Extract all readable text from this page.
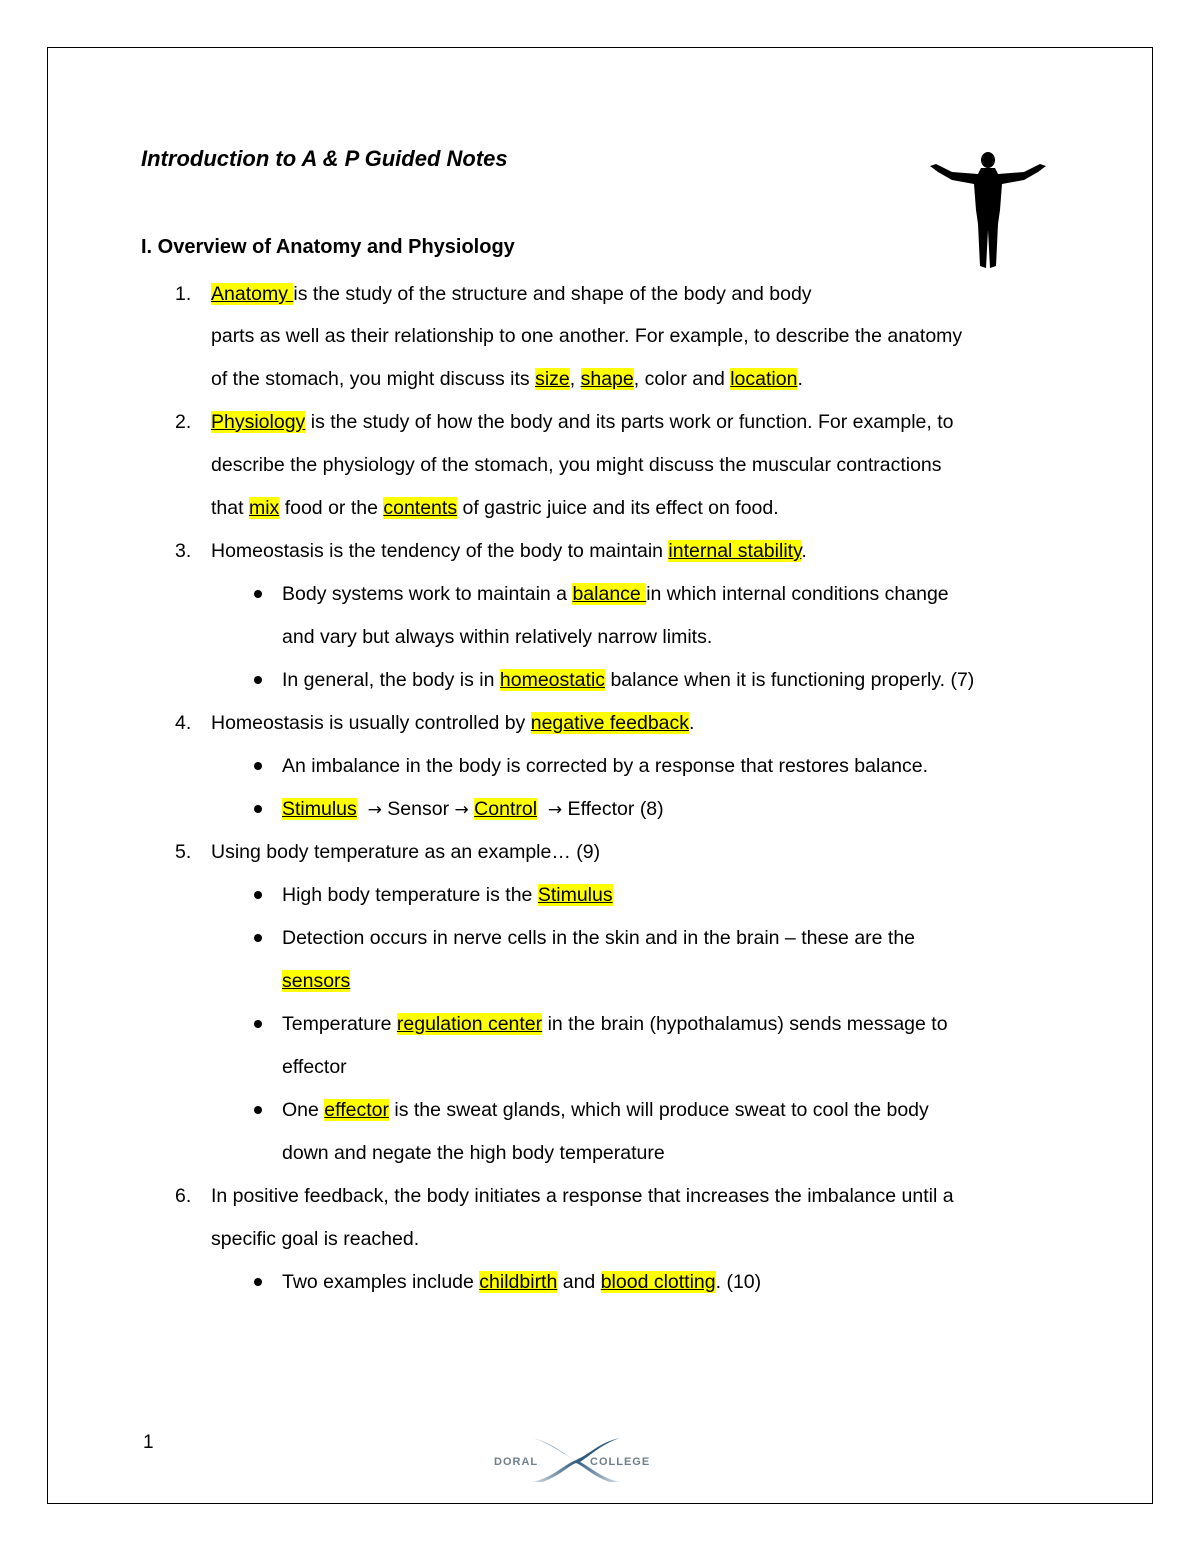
Introduction to A & P Guided Notes
I. Overview of Anatomy and Physiology
1. Anatomy is the study of the structure and shape of the body and body
parts as well as their relationship to one another. For example, to describe the anatomy
of the stomach, you might discuss its size, shape, color and location.
2. Physiology is the study of how the body and its parts work or function. For example, to
describe the physiology of the stomach, you might discuss the muscular contractions
that mix food or the contents of gastric juice and its effect on food.
3. Homeostasis is the tendency of the body to maintain internal stability.
Body systems work to maintain a balance in which internal conditions change
and vary but always within relatively narrow limits.
In general, the body is in homeostatic balance when it is functioning properly. (7)
4. Homeostasis is usually controlled by negative feedback.
An imbalance in the body is corrected by a response that restores balance.
Stimulus → Sensor → Control → Effector (8)
5. Using body temperature as an example… (9)
High body temperature is the Stimulus
Detection occurs in nerve cells in the skin and in the brain – these are the
sensors
Temperature regulation center in the brain (hypothalamus) sends message to
effector
One effector is the sweat glands, which will produce sweat to cool the body
down and negate the high body temperature
6. In positive feedback, the body initiates a response that increases the imbalance until a
specific goal is reached.
Two examples include childbirth and blood clotting. (10)
1
DORAL	COLLEGE
